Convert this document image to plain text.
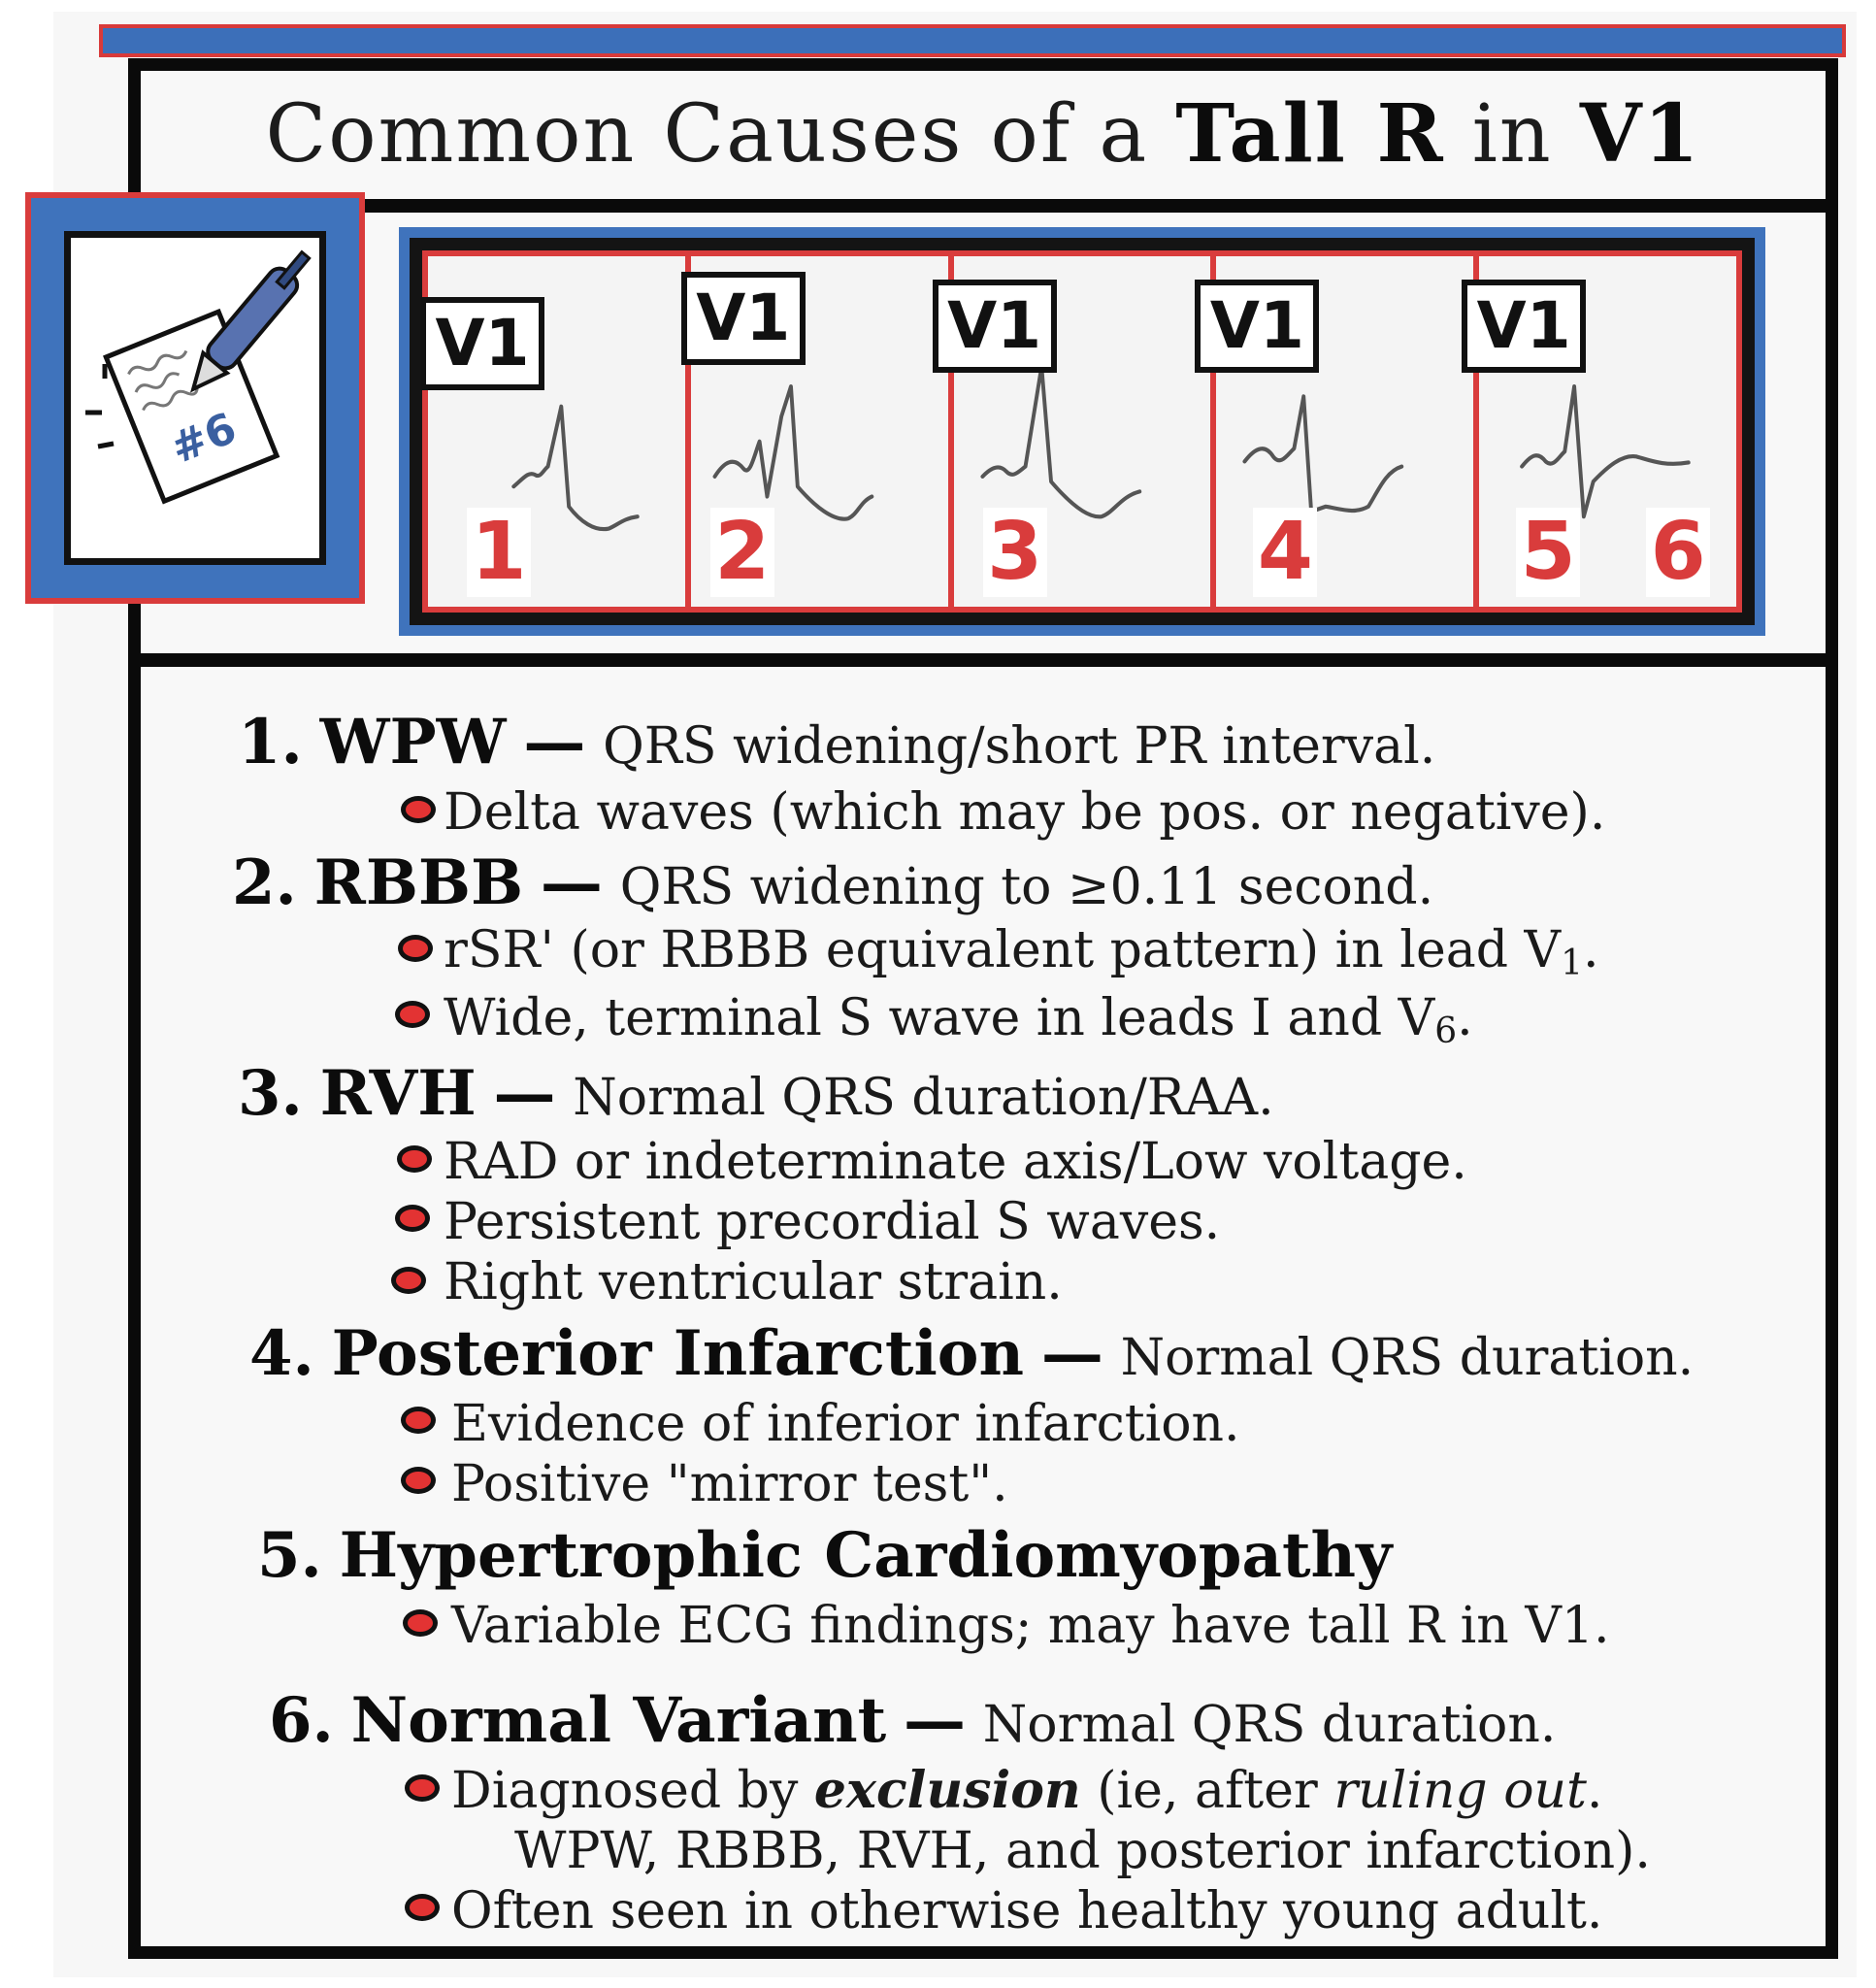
Common Causes of a Tall R in V1
1. WPW — QRS widening/short PR interval.
Delta waves (which may be pos. or negative).
2. RBBB — QRS widening to ≥0.11 second.
rSR' (or RBBB equivalent pattern) in lead $V_1$.
Wide, terminal S wave in leads I and $V_6$.
3. RVH — Normal QRS duration/RAA.
RAD or indeterminate axis/Low voltage.
Persistent precordial S waves.
Right ventricular strain.
4. Posterior Infarction — Normal QRS duration.
Evidence of inferior infarction.
Positive "mirror test".
5. Hypertrophic Cardiomyopathy
Variable ECG findings; may have tall R in V1.
6. Normal Variant — Normal QRS duration.
Diagnosed by exclusion (ie, after ruling out.
WPW, RBBB, RVH, and posterior infarction).
Often seen in otherwise healthy young adult.
#6
V1
1
V1
2
V1
3
V1
4
V1
5 6
